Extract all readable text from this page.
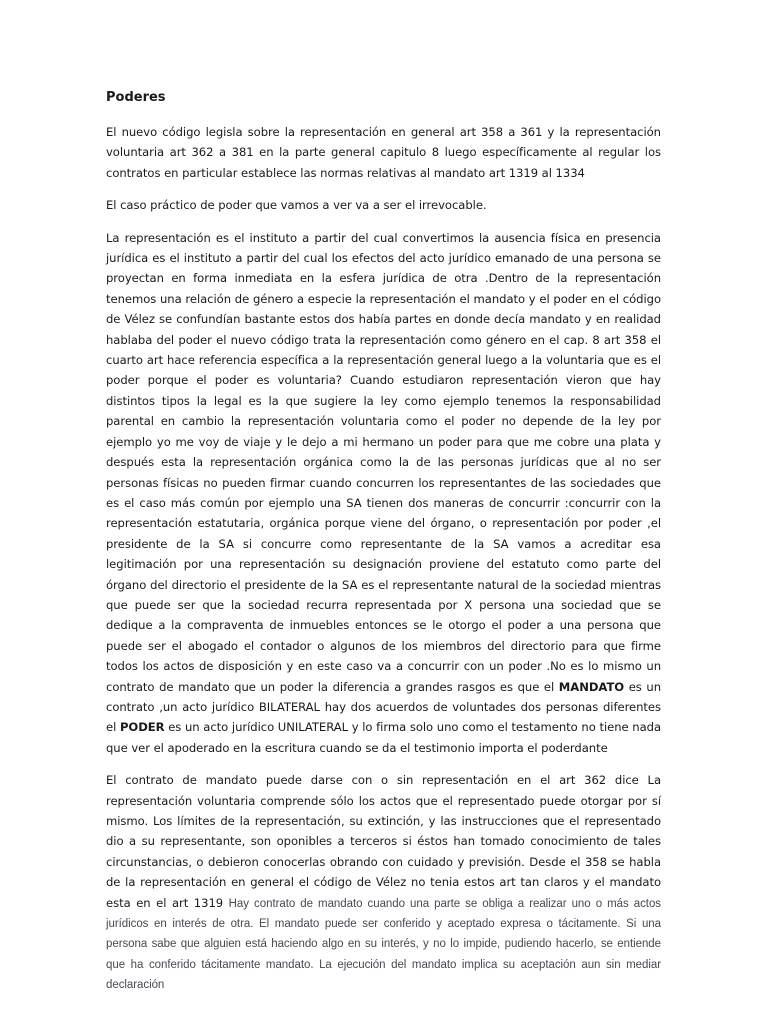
Poderes

El nuevo código legisla sobre la representación en general art 358 a 361 y la representación voluntaria art 362 a 381 en la parte general capitulo 8 luego específicamente al regular los contratos en particular establece las normas relativas al mandato art 1319 al 1334

El caso práctico de poder que vamos a ver va a ser el irrevocable.

La representación es el instituto a partir del cual convertimos la ausencia física en presencia jurídica es el instituto a partir del cual los efectos del acto jurídico emanado de una persona se proyectan en forma inmediata en la esfera jurídica de otra .Dentro de la representación tenemos una relación de género a especie la representación el mandato y el poder en el código de Vélez se confundían bastante estos dos había partes en donde decía mandato y en realidad hablaba del poder el nuevo código trata la representación como género en el cap. 8 art 358 el cuarto art hace referencia específica a la representación general luego a la voluntaria que es el poder porque el poder es voluntaria? Cuando estudiaron representación vieron que hay distintos tipos la legal es la que sugiere la ley como ejemplo tenemos la responsabilidad parental en cambio la representación voluntaria como el poder no depende de la ley por ejemplo yo me voy de viaje y le dejo a mi hermano un poder para que me cobre una plata y después esta la representación orgánica como la de las personas jurídicas que al no ser personas físicas no pueden firmar cuando concurren los representantes de las sociedades que es el caso más común por ejemplo una SA tienen dos maneras de concurrir :concurrir con la representación estatutaria, orgánica porque viene del órgano, o representación por poder ,el presidente de la SA si concurre como representante de la SA vamos a acreditar esa legitimación por una representación su designación proviene del estatuto como parte del órgano del directorio el presidente de la SA es el representante natural de la sociedad mientras que puede ser que la sociedad recurra representada por X persona una sociedad que se dedique a la compraventa de inmuebles entonces se le otorgo el poder a una persona que puede ser el abogado el contador o algunos de los miembros del directorio para que firme todos los actos de disposición y en este caso va a concurrir con un poder .No es lo mismo un contrato de mandato que un poder la diferencia a grandes rasgos es que el MANDATO es un contrato ,un acto jurídico BILATERAL hay dos acuerdos de voluntades dos personas diferentes el PODER es un acto jurídico UNILATERAL y lo firma solo uno como el testamento no tiene nada que ver el apoderado en la escritura cuando se da el testimonio importa el poderdante

El contrato de mandato puede darse con o sin representación en el art 362 dice La representación voluntaria comprende sólo los actos que el representado puede otorgar por sí mismo. Los límites de la representación, su extinción, y las instrucciones que el representado dio a su representante, son oponibles a terceros si éstos han tomado conocimiento de tales circunstancias, o debieron conocerlas obrando con cuidado y previsión. Desde el 358 se habla de la representación en general el código de Vélez no tenia estos art tan claros y el mandato esta en el art 1319 Hay contrato de mandato cuando una parte se obliga a realizar uno o más actos jurídicos en interés de otra. El mandato puede ser conferido y aceptado expresa o tácitamente. Si una persona sabe que alguien está haciendo algo en su interés, y no lo impide, pudiendo hacerlo, se entiende que ha conferido tácitamente mandato. La ejecución del mandato implica su aceptación aun sin mediar declaración
